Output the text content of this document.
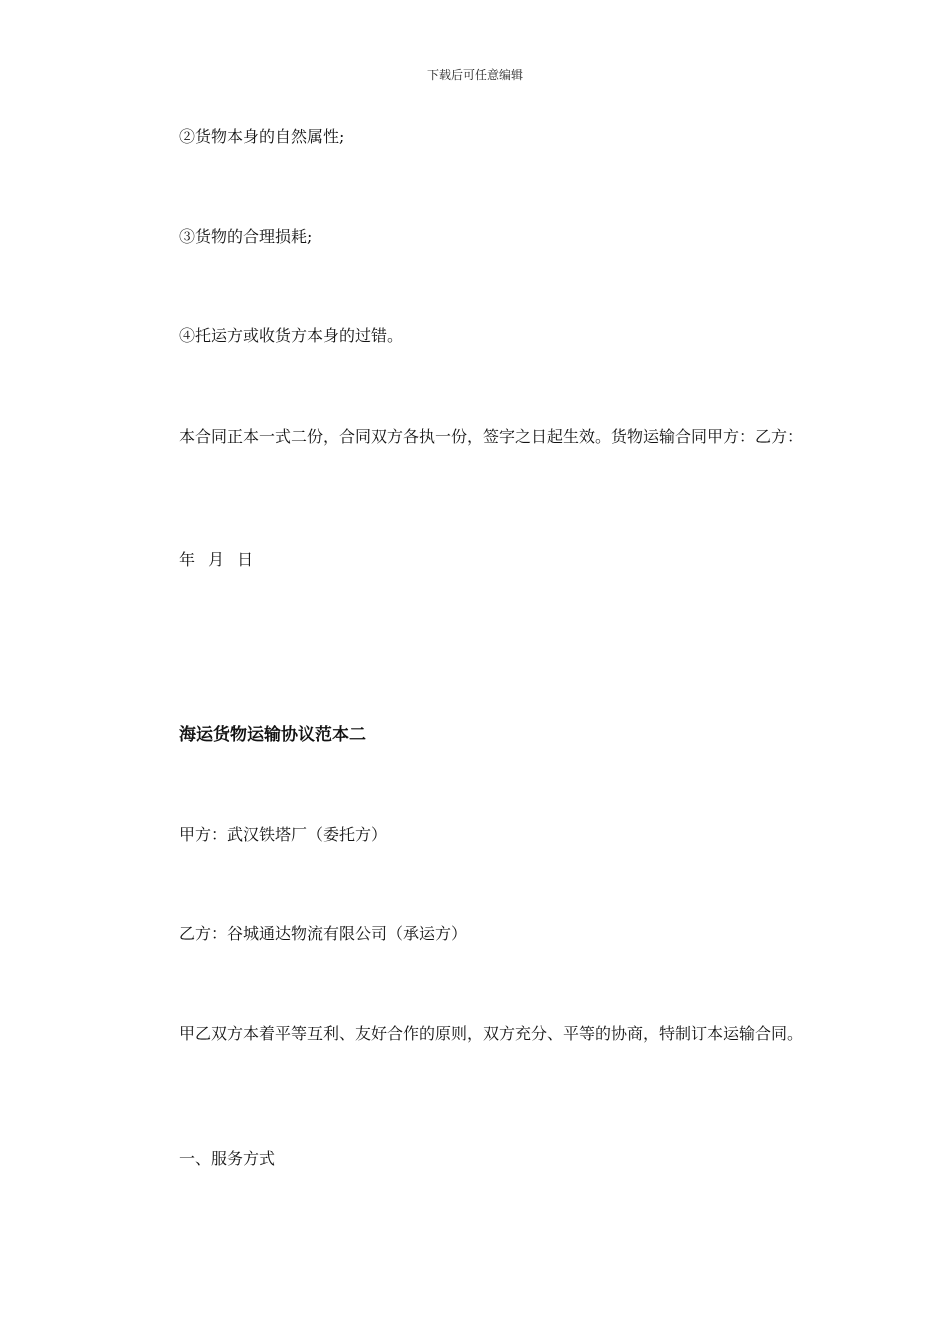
下载后可任意编辑
②货物本身的自然属性;
③货物的合理损耗;
④托运方或收货方本身的过错。
本合同正本一式二份，合同双方各执一份，签字之日起生效。货物运输合同甲方：乙方：
年 月 日
海运货物运输协议范本二
甲方：武汉铁塔厂（委托方）
乙方：谷城通达物流有限公司（承运方）
甲乙双方本着平等互利、友好合作的原则，双方充分、平等的协商，特制订本运输合同。
一、服务方式
